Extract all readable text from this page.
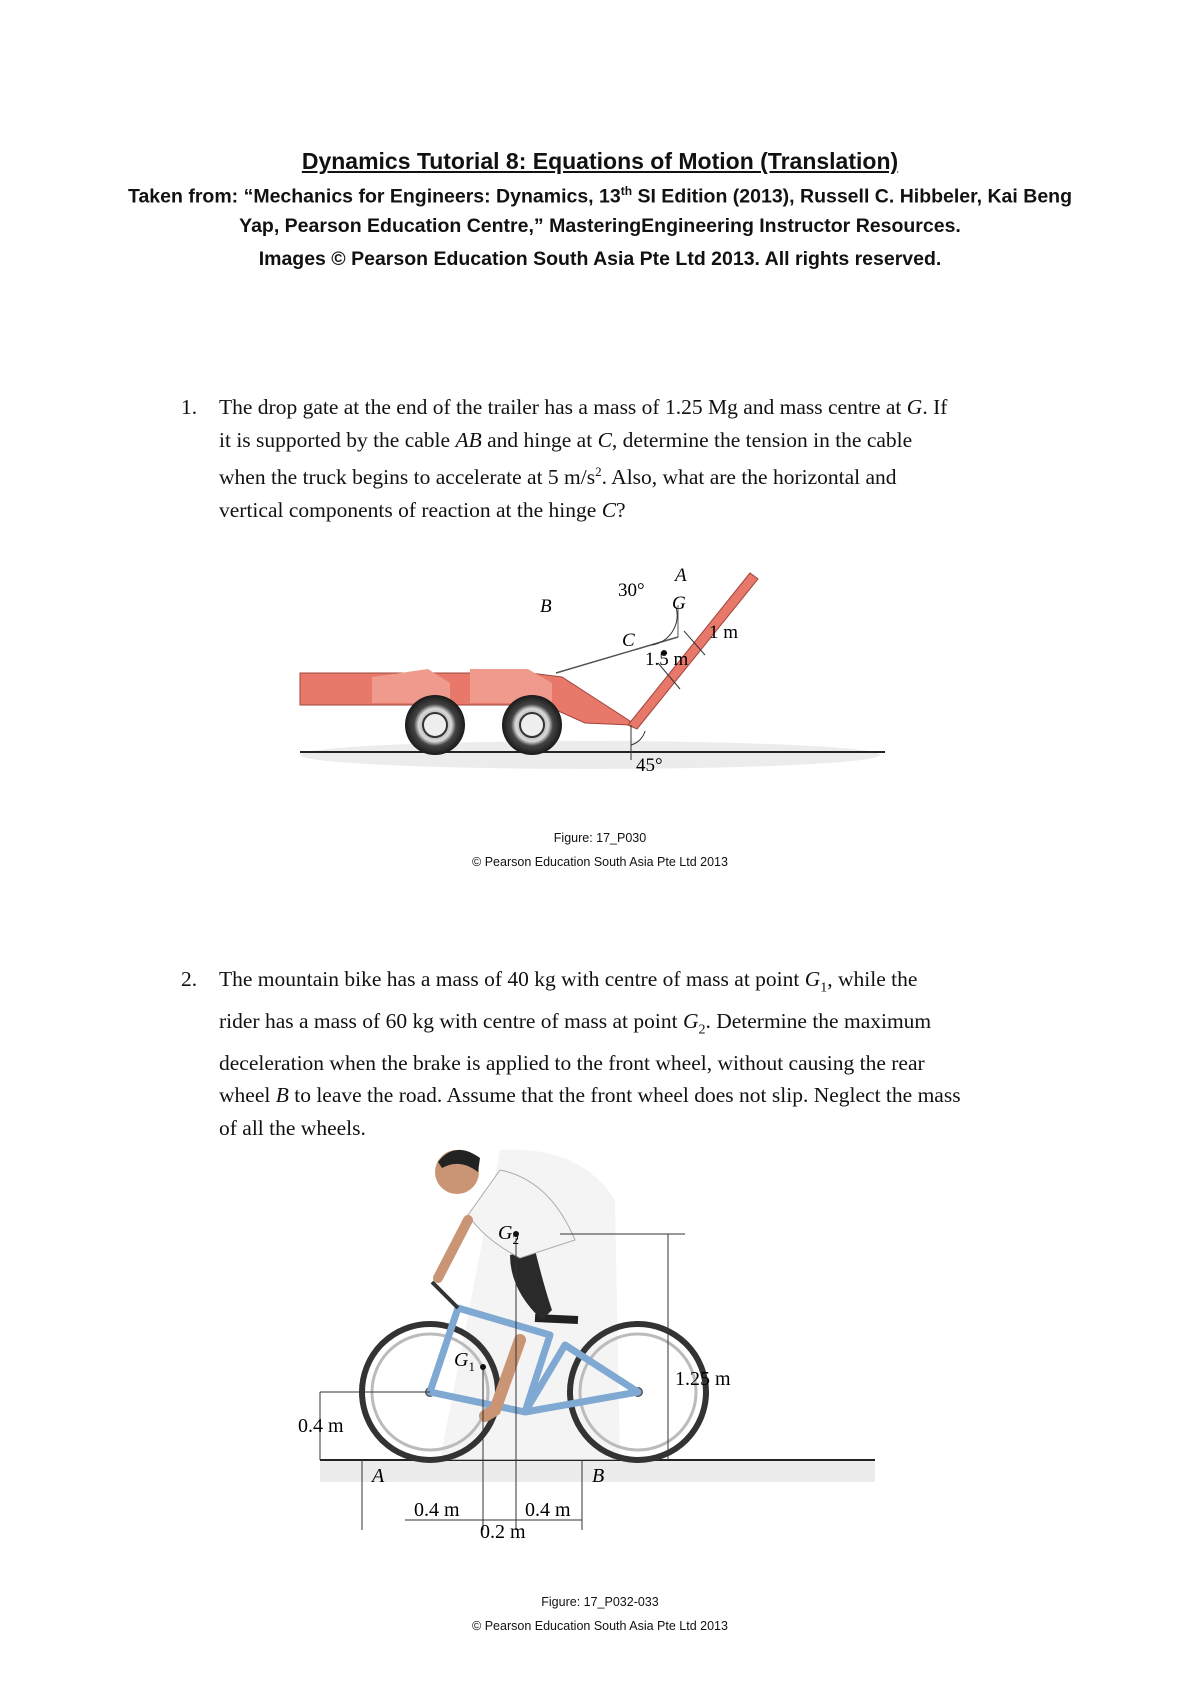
Dynamics Tutorial 8: Equations of Motion (Translation)
Taken from: “Mechanics for Engineers: Dynamics, 13th SI Edition (2013), Russell C. Hibbeler, Kai Beng
Yap, Pearson Education Centre,” MasteringEngineering Instructor Resources.
Images © Pearson Education South Asia Pte Ltd 2013. All rights reserved.
1. The drop gate at the end of the trailer has a mass of 1.25 Mg and mass centre at G. If
it is supported by the cable AB and hinge at C, determine the tension in the cable
when the truck begins to accelerate at 5 $m/s^2$. Also, what are the horizontal and
vertical components of reaction at the hinge C?
A
B
C
G
30°
45°
1 m
1.5 m
Figure: 17_P030
© Pearson Education South Asia Pte Ltd 2013
2. The mountain bike has a mass of 40 kg with centre of mass at point $G_1$, while the
rider has a mass of 60 kg with centre of mass at point $G_2$. Determine the maximum
deceleration when the brake is applied to the front wheel, without causing the rear
wheel B to leave the road. Assume that the front wheel does not slip. Neglect the mass
of all the wheels.
$G_2$
$G_1$
1.25 m
0.4 m
A	B
0.4 m
0.2 m
0.4 m
Figure: 17_P032-033
© Pearson Education South Asia Pte Ltd 2013
